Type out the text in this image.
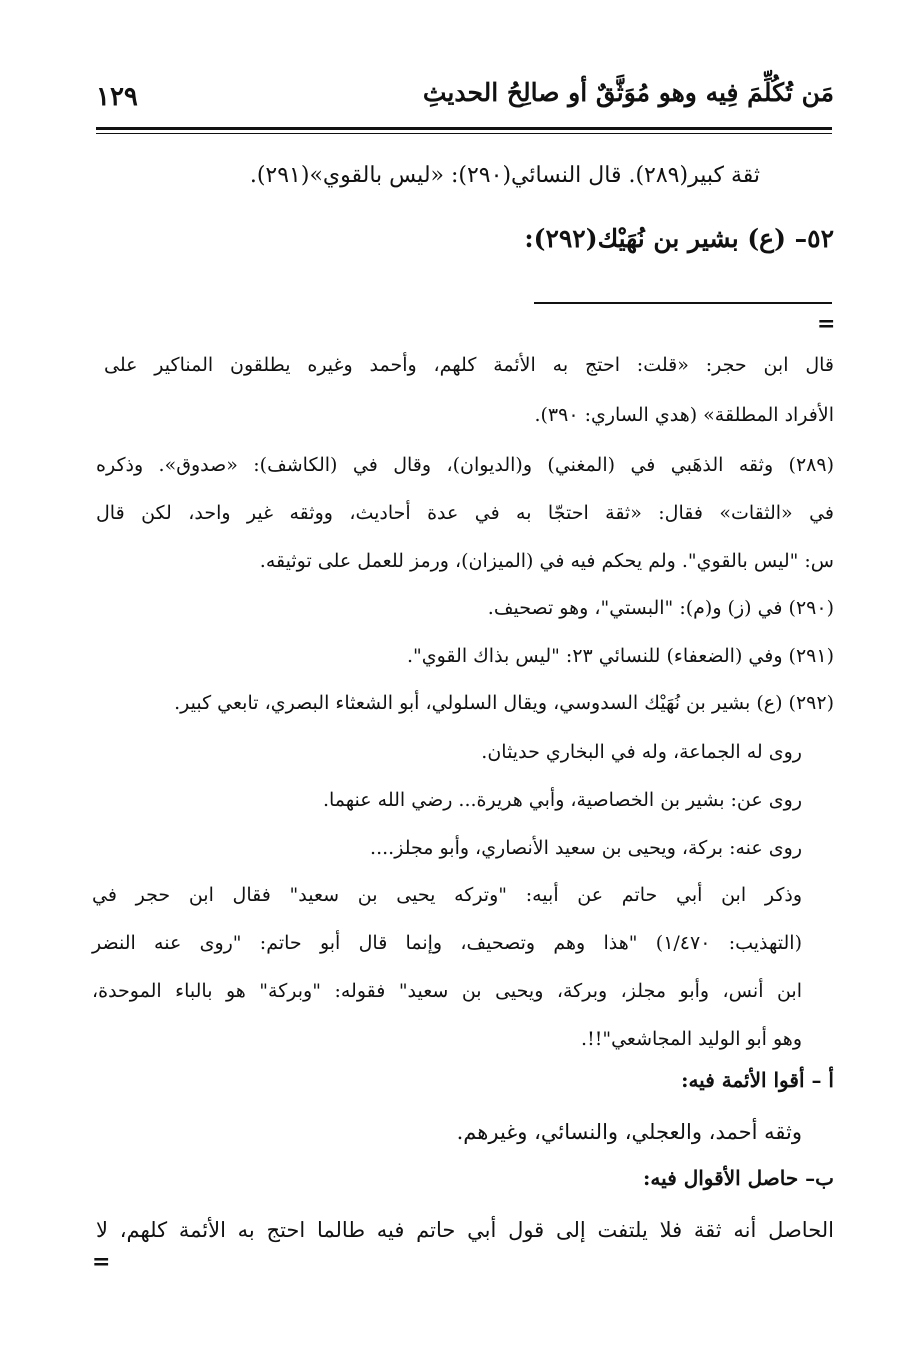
مَن تُكُلِّمَ فِيه وهو مُوَثَّقٌ أو صالِحُ الحديثِ
١٢٩
ثقة كبير(٢٨٩). قال النسائي(٢٩٠): «ليس بالقوي»(٢٩١).
٥٢– (ع) بشير بن نُهَيْك(٢٩٢):
=
قال ابن حجر: «قلت: احتج به الأئمة كلهم، وأحمد وغيره يطلقون المناكير على
الأفراد المطلقة» (هدي الساري: ٣٩٠).
(٢٨٩) وثقه الذهَبي في (المغني) و(الديوان)، وقال في (الكاشف): «صدوق». وذكره
في «الثقات» فقال: «ثقة احتجّا به في عدة أحاديث، ووثقه غير واحد، لكن قال
س: "ليس بالقوي". ولم يحكم فيه في (الميزان)، ورمز للعمل على توثيقه.
(٢٩٠) في (ز) و(م): "البستي"، وهو تصحيف.
(٢٩١) وفي (الضعفاء) للنسائي ٢٣: "ليس بذاك القوي".
(٢٩٢) (ع) بشير بن نُهَيْك السدوسي، ويقال السلولي، أبو الشعثاء البصري، تابعي كبير.
روى له الجماعة، وله في البخاري حديثان.
روى عن: بشير بن الخصاصية، وأبي هريرة... رضي الله عنهما.
روى عنه: بركة، ويحيى بن سعيد الأنصاري، وأبو مجلز....
وذكر ابن أبي حاتم عن أبيه: "وتركه يحيى بن سعيد" فقال ابن حجر في
(التهذيب: ١/٤٧٠) "هذا وهم وتصحيف، وإنما قال أبو حاتم: "روى عنه النضر
ابن أنس، وأبو مجلز، وبركة، ويحيى بن سعيد" فقوله: "وبركة" هو بالباء الموحدة،
وهو أبو الوليد المجاشعي"!!.
أ – أقوا الأئمة فيه:
وثقه أحمد، والعجلي، والنسائي، وغيرهم.
ب– حاصل الأقوال فيه:
الحاصل أنه ثقة فلا يلتفت إلى قول أبي حاتم فيه طالما احتج به الأئمة كلهم، لا
=
